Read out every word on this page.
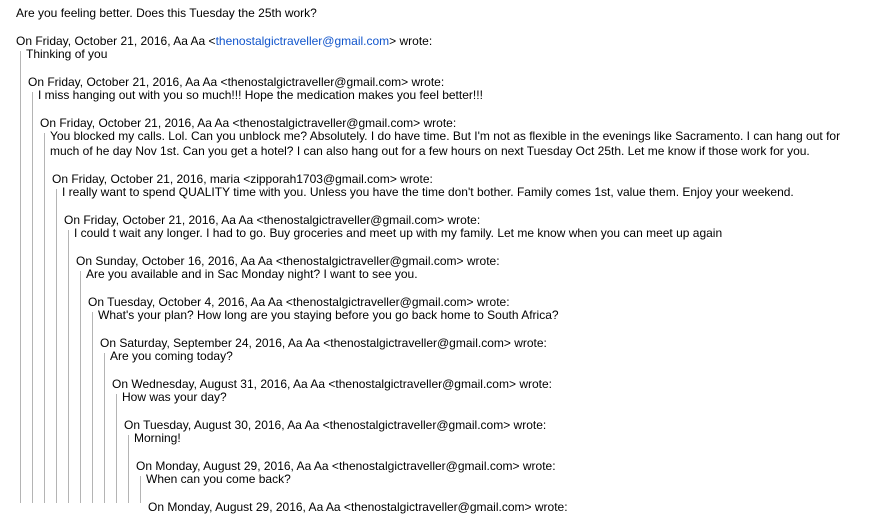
Are you feeling better. Does this Tuesday the 25th work?
On Friday, October 21, 2016, Aa Aa <thenostalgictraveller@gmail.com> wrote:
Thinking of you
On Friday, October 21, 2016, Aa Aa <thenostalgictraveller@gmail.com> wrote:
I miss hanging out with you so much!!! Hope the medication makes you feel better!!!
On Friday, October 21, 2016, Aa Aa <thenostalgictraveller@gmail.com> wrote:
You blocked my calls. Lol. Can you unblock me? Absolutely. I do have time. But I'm not as flexible in the evenings like Sacramento. I can hang out for much of he day Nov 1st. Can you get a hotel? I can also hang out for a few hours on next Tuesday Oct 25th. Let me know if those work for you.
On Friday, October 21, 2016, maria <zipporah1703@gmail.com> wrote:
I really want to spend QUALITY time with you. Unless you have the time don't bother. Family comes 1st, value them. Enjoy your weekend.
On Friday, October 21, 2016, Aa Aa <thenostalgictraveller@gmail.com> wrote:
I could t wait any longer. I had to go. Buy groceries and meet up with my family. Let me know when you can meet up again
On Sunday, October 16, 2016, Aa Aa <thenostalgictraveller@gmail.com> wrote:
Are you available and in Sac Monday night? I want to see you.
On Tuesday, October 4, 2016, Aa Aa <thenostalgictraveller@gmail.com> wrote:
What's your plan? How long are you staying before you go back home to South Africa?
On Saturday, September 24, 2016, Aa Aa <thenostalgictraveller@gmail.com> wrote:
Are you coming today?
On Wednesday, August 31, 2016, Aa Aa <thenostalgictraveller@gmail.com> wrote:
How was your day?
On Tuesday, August 30, 2016, Aa Aa <thenostalgictraveller@gmail.com> wrote:
Morning!
On Monday, August 29, 2016, Aa Aa <thenostalgictraveller@gmail.com> wrote:
When can you come back?
On Monday, August 29, 2016, Aa Aa <thenostalgictraveller@gmail.com> wrote:
